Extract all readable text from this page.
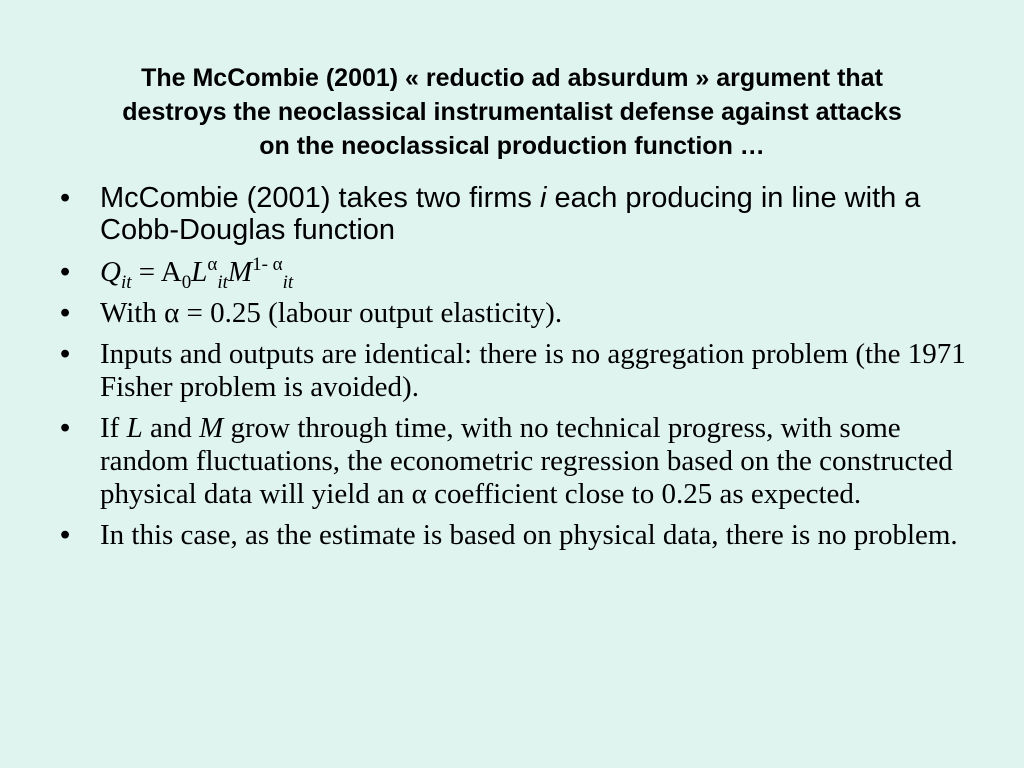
The McCombie (2001) « reductio ad absurdum » argument that
destroys the neoclassical instrumentalist defense against attacks
on the neoclassical production function …
• McCombie (2001) takes two firms i each producing in line with a Cobb-Douglas function
• $Q_{it} = A_0L^\alpha_{it}M^{1- \alpha}_{it}$
• With α = 0.25 (labour output elasticity).
• Inputs and outputs are identical: there is no aggregation problem (the 1971 Fisher problem is avoided).
• If L and M grow through time, with no technical progress, with some random fluctuations, the econometric regression based on the constructed physical data will yield an α coefficient close to 0.25 as expected.
• In this case, as the estimate is based on physical data, there is no problem.
